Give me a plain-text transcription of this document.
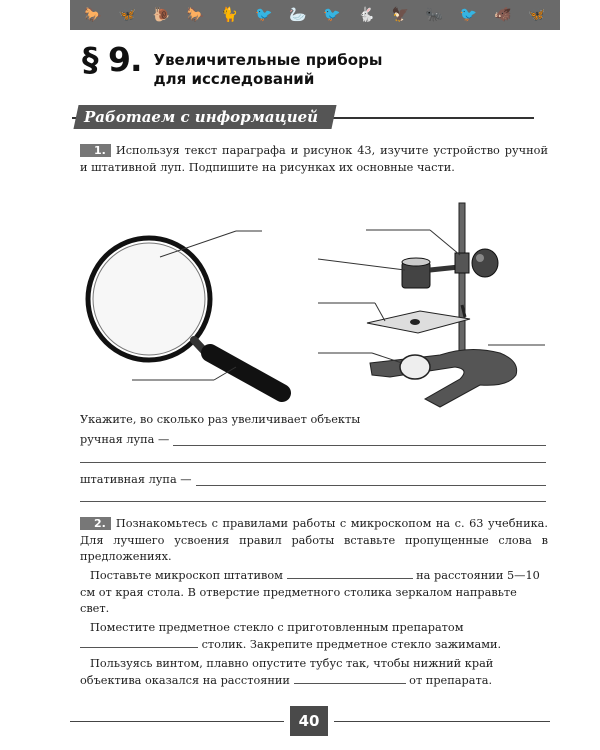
🐎 🦋 🐌 🐎 🐈 🐦 🦢 🐦 🐇 🦅 🐜 🐦 🐗 🦋
§ 9. Увеличительные приборы
для исследований
Работаем с информацией
1. Используя текст параграфа и рисунок 43, изучите устройство ручной и штативной луп. Подпишите на рисунках их основные части.
Укажите, во сколько раз увеличивает объекты
ручная лупа —
штативная лупа —
2. Познакомьтесь с правилами работы с микроскопом на с. 63 учебника. Для лучшего усвоения правил работы вставьте пропущенные слова в предложениях.
Поставьте микроскоп штативом	на расстоянии 5—10 см от края стола. В отверстие предметного столика зеркалом направьте свет.
Поместите предметное стекло с приготовленным препаратом  столик. Закрепите предметное стекло зажимами.
Пользуясь винтом, плавно опустите тубус так, чтобы нижний край объектива оказался на расстоянии	от препарата.
40
